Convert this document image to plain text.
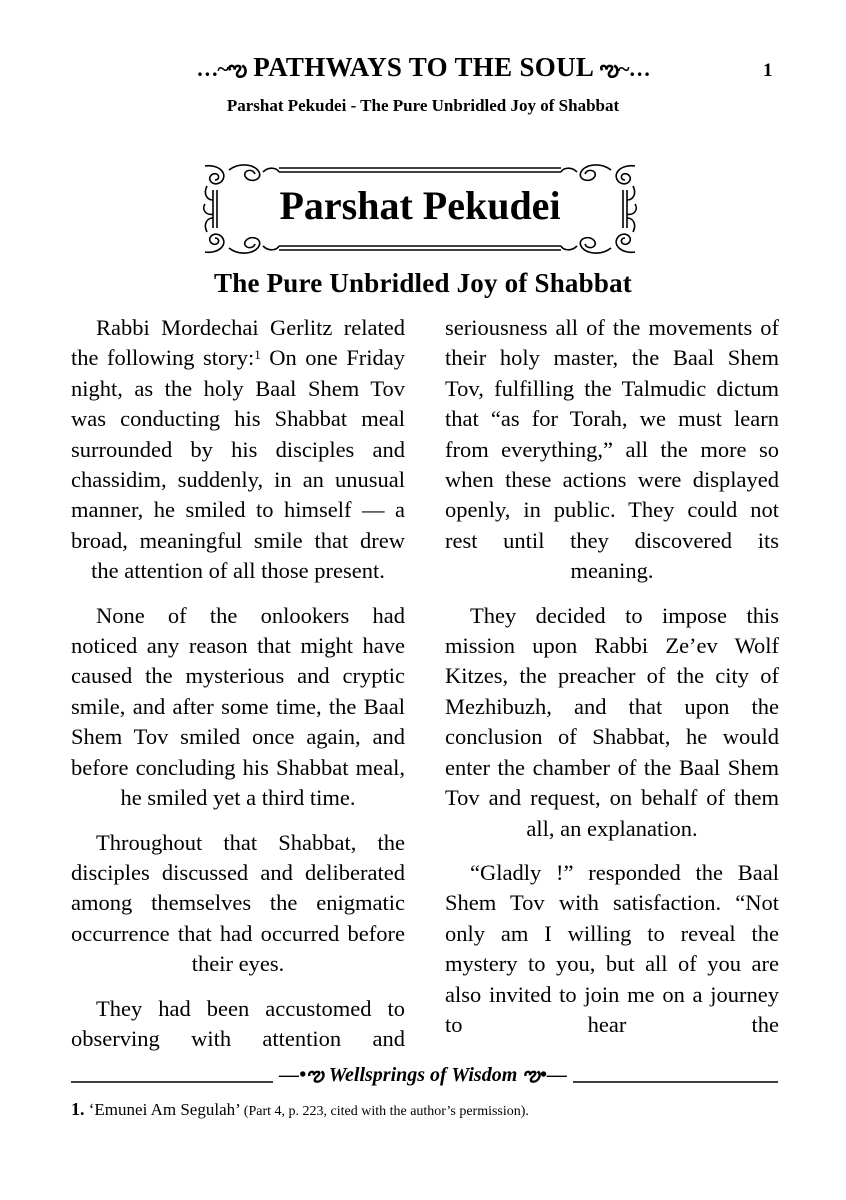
…~ఌ PATHWAYS TO THE SOUL ఌ~…	1
Parshat Pekudei - The Pure Unbridled Joy of Shabbat
Parshat Pekudei
The Pure Unbridled Joy of Shabbat

Rabbi Mordechai Gerlitz related the following story:$^1$ On one Friday night, as the holy Baal Shem Tov was conducting his Shabbat meal surrounded by his disciples and chassidim, suddenly, in an unusual manner, he smiled to himself — a broad, meaningful smile that drew the attention of all those present.

None of the onlookers had noticed any reason that might have caused the mysterious and cryptic smile, and after some time, the Baal Shem Tov smiled once again, and before concluding his Shabbat meal, he smiled yet a third time.

Throughout that Shabbat, the disciples discussed and deliberated among themselves the enigmatic occurrence that had occurred before their eyes.

They had been accustomed to observing with attention and

seriousness all of the movements of their holy master, the Baal Shem Tov, fulfilling the Talmudic dictum that “as for Torah, we must learn from everything,” all the more so when these actions were displayed openly, in public. They could not rest until they discovered its meaning.

They decided to impose this mission upon Rabbi Ze’ev Wolf Kitzes, the preacher of the city of Mezhibuzh, and that upon the conclusion of Shabbat, he would enter the chamber of the Baal Shem Tov and request, on behalf of them all, an explanation.

“Gladly !” responded the Baal Shem Tov with satisfaction. “Not only am I willing to reveal the mystery to you, but all of you are also invited to join me on a journey to hear the

—•ఌ Wellsprings of Wisdom ఌ•—
1. ‘Emunei Am Segulah’ (Part 4, p. 223, cited with the author’s permission).
